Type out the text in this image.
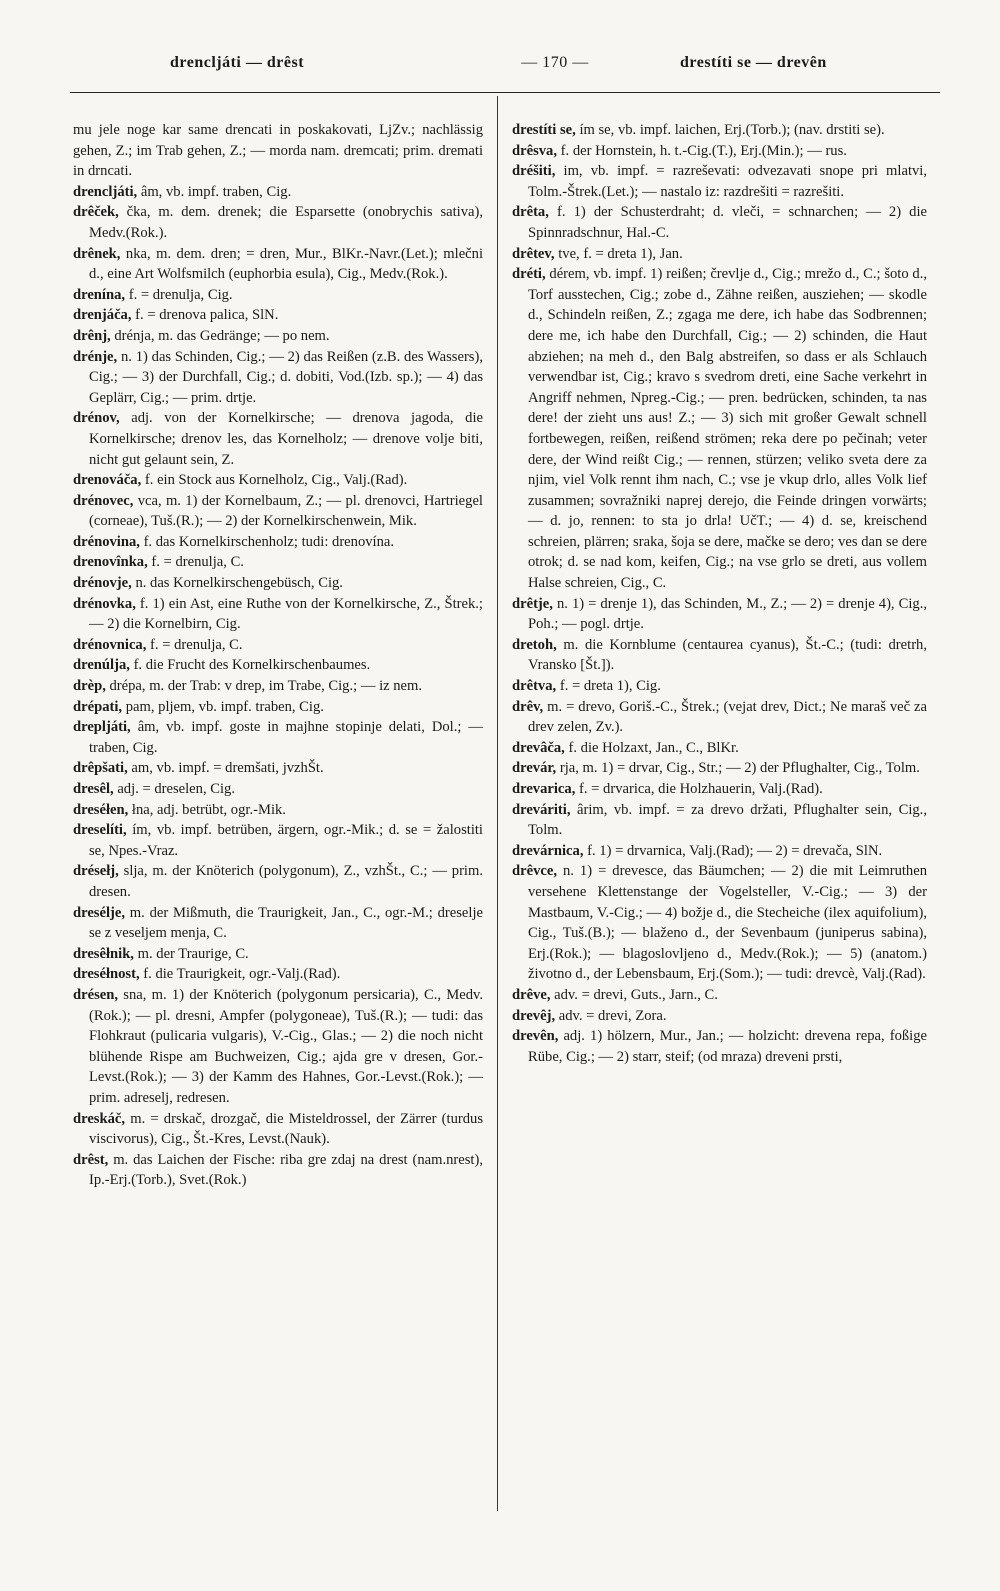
drencljáti — drêst	— 170 —	drestíti se — drevên

mu jele noge kar same drencati in poskakovati, LjZv.; nachlässig gehen, Z.; im Trab gehen, Z.; — morda nam. dremcati; prim. dremati in drncati.

drencljáti, âm, vb. impf. traben, Cig.

drêček, čka, m. dem. drenek; die Esparsette (onobrychis sativa), Medv.(Rok.).

drênek, nka, m. dem. dren; = dren, Mur., BlKr.-Navr.(Let.); mlečni d., eine Art Wolfsmilch (euphorbia esula), Cig., Medv.(Rok.).

drenína, f. = drenulja, Cig.

drenjáča, f. = drenova palica, SlN.

drênj, drénja, m. das Gedränge; — po nem.

drénje, n. 1) das Schinden, Cig.; — 2) das Reißen (z.B. des Wassers), Cig.; — 3) der Durchfall, Cig.; d. dobiti, Vod.(Izb. sp.); — 4) das Geplärr, Cig.; — prim. drtje.

drénov, adj. von der Kornelkirsche; — drenova jagoda, die Kornelkirsche; drenov les, das Kornelholz; — drenove volje biti, nicht gut gelaunt sein, Z.

drenováča, f. ein Stock aus Kornelholz, Cig., Valj.(Rad).

drénovec, vca, m. 1) der Kornelbaum, Z.; — pl. drenovci, Hartriegel (corneae), Tuš.(R.); — 2) der Kornelkirschenwein, Mik.

drénovina, f. das Kornelkirschenholz; tudi: drenovína.

drenovînka, f. = drenulja, C.

drénovje, n. das Kornelkirschengebüsch, Cig.

drénovka, f. 1) ein Ast, eine Ruthe von der Kornelkirsche, Z., Štrek.; — 2) die Kornelbirn, Cig.

drénovnica, f. = drenulja, C.

drenúlja, f. die Frucht des Kornelkirschenbaumes.

drèp, drépa, m. der Trab: v drep, im Trabe, Cig.; — iz nem.

drépati, pam, pljem, vb. impf. traben, Cig.

drepljáti, âm, vb. impf. goste in majhne stopinje delati, Dol.; — traben, Cig.

drêpšati, am, vb. impf. = dremšati, jvzhŠt.

dresêl, adj. = dreselen, Cig.

dreséłen, łna, adj. betrübt, ogr.-Mik.

dreselíti, ím, vb. impf. betrüben, ärgern, ogr.-Mik.; d. se = žalostiti se, Npes.-Vraz.

drésełj, slja, m. der Knöterich (polygonum), Z., vzhŠt., C.; — prim. dresen.

dresélje, m. der Mißmuth, die Traurigkeit, Jan., C., ogr.-M.; dreselje se z veseljem menja, C.

dresêłnik, m. der Traurige, C.

dreséłnost, f. die Traurigkeit, ogr.-Valj.(Rad).

drésen, sna, m. 1) der Knöterich (polygonum persicaria), C., Medv.(Rok.); — pl. dresni, Ampfer (polygoneae), Tuš.(R.); — tudi: das Flohkraut (pulicaria vulgaris), V.-Cig., Glas.; — 2) die noch nicht blühende Rispe am Buchweizen, Cig.; ajda gre v dresen, Gor.-Levst.(Rok.); — 3) der Kamm des Hahnes, Gor.-Levst.(Rok.); — prim. adreselj, redresen.

dreskáč, m. = drskač, drozgač, die Misteldrossel, der Zärrer (turdus viscivorus), Cig., Št.-Kres, Levst.(Nauk).

drêst, m. das Laichen der Fische: riba gre zdaj na drest (nam.nrest), Ip.-Erj.(Torb.), Svet.(Rok.)

drestíti se, ím se, vb. impf. laichen, Erj.(Torb.); (nav. drstiti se).

drêsva, f. der Hornstein, h. t.-Cig.(T.), Erj.(Min.); — rus.

dréšiti, im, vb. impf. = razreševati: odvezavati snope pri mlatvi, Tolm.-Štrek.(Let.); — nastalo iz: razdrešiti = razrešiti.

drêta, f. 1) der Schusterdraht; d. vleči, = schnarchen; — 2) die Spinnradschnur, Hal.-C.

drêtev, tve, f. = dreta 1), Jan.

dréti, dérem, vb. impf. 1) reißen; črevlje d., Cig.; mrežo d., C.; šoto d., Torf ausstechen, Cig.; zobe d., Zähne reißen, ausziehen; — skodle d., Schindeln reißen, Z.; zgaga me dere, ich habe das Sodbrennen; dere me, ich habe den Durchfall, Cig.; — 2) schinden, die Haut abziehen; na meh d., den Balg abstreifen, so dass er als Schlauch verwendbar ist, Cig.; kravo s svedrom dreti, eine Sache verkehrt in Angriff nehmen, Npreg.-Cig.; — pren. bedrücken, schinden, ta nas dere! der zieht uns aus! Z.; — 3) sich mit großer Gewalt schnell fortbewegen, reißen, reißend strömen; reka dere po pečinah; veter dere, der Wind reißt Cig.; — rennen, stürzen; veliko sveta dere za njim, viel Volk rennt ihm nach, C.; vse je vkup drlo, alles Volk lief zusammen; sovražniki naprej derejo, die Feinde dringen vorwärts; — d. jo, rennen: to sta jo drla! UčT.; — 4) d. se, kreischend schreien, plärren; sraka, šoja se dere, mačke se dero; ves dan se dere otrok; d. se nad kom, keifen, Cig.; na vse grlo se dreti, aus vollem Halse schreien, Cig., C.

drêtje, n. 1) = drenje 1), das Schinden, M., Z.; — 2) = drenje 4), Cig., Poh.; — pogl. drtje.

dretoh, m. die Kornblume (centaurea cyanus), Št.-C.; (tudi: dretrh, Vransko [Št.]).

drêtva, f. = dreta 1), Cig.

drêv, m. = drevo, Goriš.-C., Štrek.; (vejat drev, Dict.; Ne maraš več za drev zelen, Zv.).

drevâča, f. die Holzaxt, Jan., C., BlKr.

drevár, rja, m. 1) = drvar, Cig., Str.; — 2) der Pflughalter, Cig., Tolm.

drevarica, f. = drvarica, die Holzhauerin, Valj.(Rad).

dreváriti, ârim, vb. impf. = za drevo držati, Pflughalter sein, Cig., Tolm.

drevárnica, f. 1) = drvarnica, Valj.(Rad); — 2) = drevača, SlN.

drêvce, n. 1) = drevesce, das Bäumchen; — 2) die mit Leimruthen versehene Klettenstange der Vogelsteller, V.-Cig.; — 3) der Mastbaum, V.-Cig.; — 4) božje d., die Stecheiche (ilex aquifolium), Cig., Tuš.(B.); — blaženo d., der Sevenbaum (juniperus sabina), Erj.(Rok.); — blagoslovljeno d., Medv.(Rok.); — 5) (anatom.) životno d., der Lebensbaum, Erj.(Som.); — tudi: drevcè, Valj.(Rad).

drêve, adv. = drevi, Guts., Jarn., C.

drevêj, adv. = drevi, Zora.

drevên, adj. 1) hölzern, Mur., Jan.; — holzicht: drevena repa, foßige Rübe, Cig.; — 2) starr, steif; (od mraza) dreveni prsti,
